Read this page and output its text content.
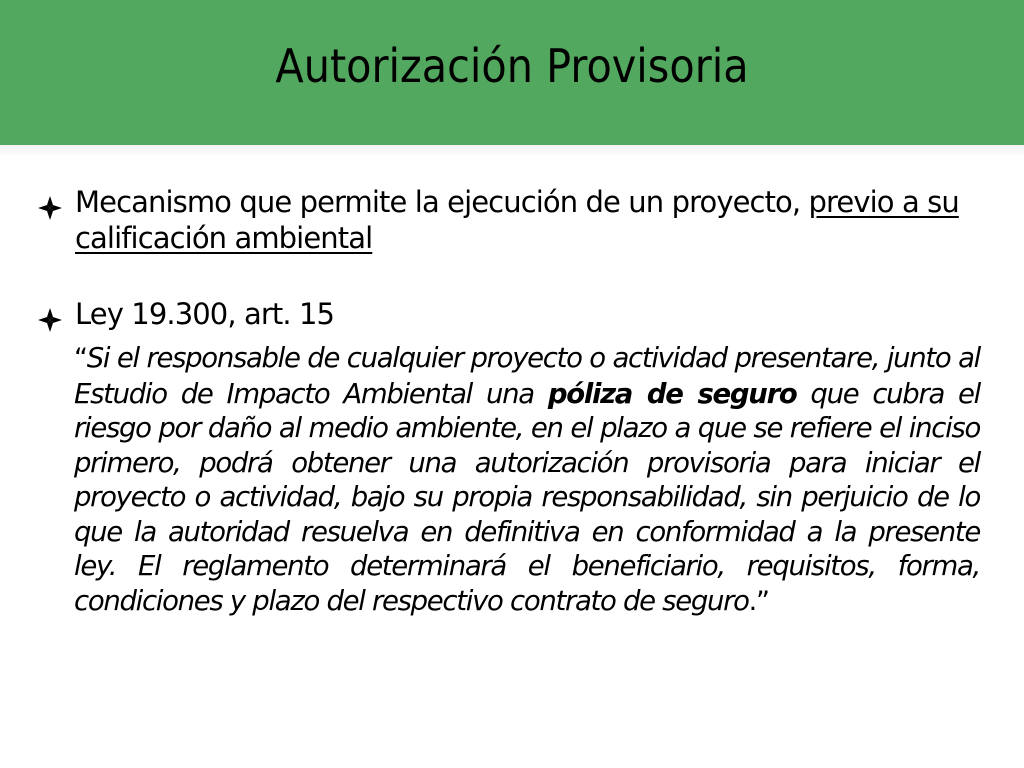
Autorización Provisoria
Mecanismo que permite la ejecución de un proyecto, previo a su calificación ambiental
Ley 19.300, art. 15
“Si el responsable de cualquier proyecto o actividad presentare, junto al Estudio de Impacto Ambiental una póliza de seguro que cubra el riesgo por daño al medio ambiente, en el plazo a que se refiere el inciso primero, podrá obtener una autorización provisoria para iniciar el proyecto o actividad, bajo su propia responsabilidad, sin perjuicio de lo que la autoridad resuelva en definitiva en conformidad a la presente ley. El reglamento determinará el beneficiario, requisitos, forma, condiciones y plazo del respectivo contrato de seguro.”
